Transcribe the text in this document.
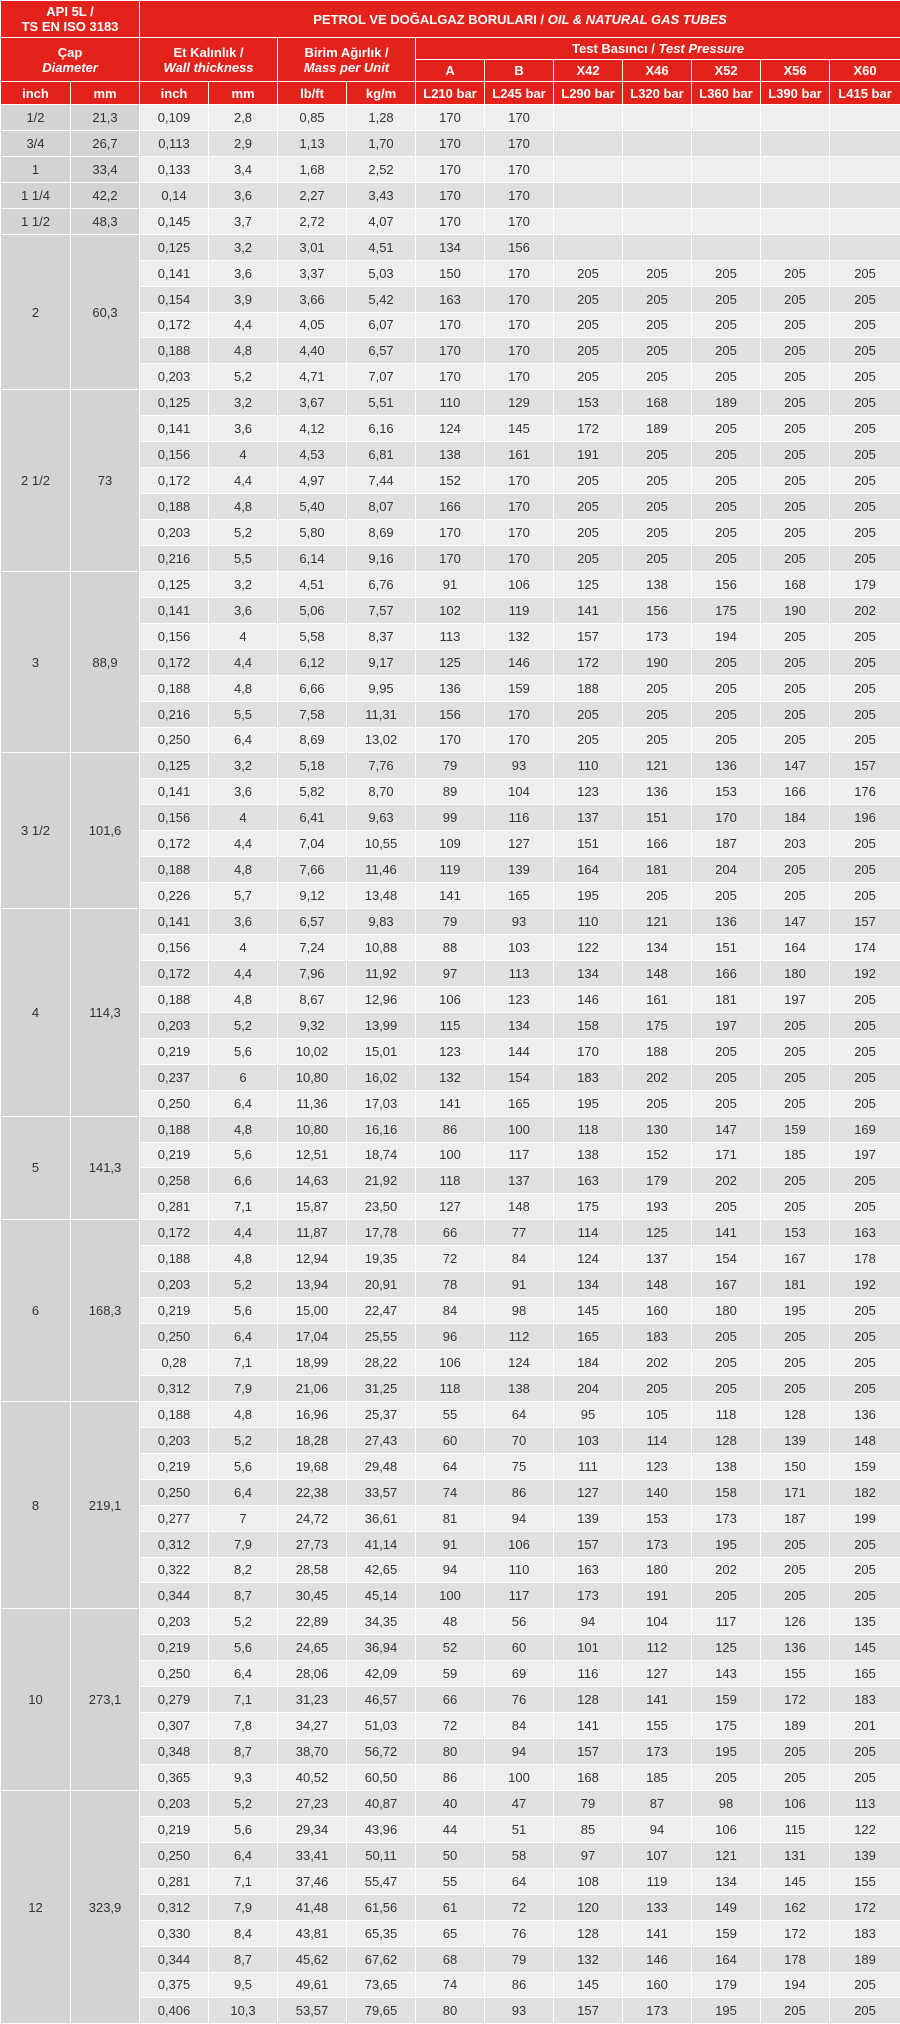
API 5L /
TS EN ISO 3183		PETROL VE DOĞALGAZ BORULARI / OIL & NATURAL GAS TUBES										

Çap
Diameter		Et Kalınlık /
Wall thickness		Birim Ağırlık /
Mass per Unit		Test Basıncı / Test Pressure						
						A	B	X42	X46	X52	X56	X60
inch	mm	inch	mm	lb/ft	kg/m	L210 bar	L245 bar	L290 bar	L320 bar	L360 bar	L390 bar	L415 bar
1/2	21,3	0,109	2,8	0,85	1,28	170	170					
3/4	26,7	0,113	2,9	1,13	1,70	170	170					
1	33,4	0,133	3,4	1,68	2,52	170	170					
1 1/4	42,2	0,14	3,6	2,27	3,43	170	170					
1 1/2	48,3	0,145	3,7	2,72	4,07	170	170					
2	60,3	0,125	3,2	3,01	4,51	134	156					
		0,141	3,6	3,37	5,03	150	170	205	205	205	205	205
		0,154	3,9	3,66	5,42	163	170	205	205	205	205	205
		0,172	4,4	4,05	6,07	170	170	205	205	205	205	205
		0,188	4,8	4,40	6,57	170	170	205	205	205	205	205
		0,203	5,2	4,71	7,07	170	170	205	205	205	205	205
2 1/2	73	0,125	3,2	3,67	5,51	110	129	153	168	189	205	205
		0,141	3,6	4,12	6,16	124	145	172	189	205	205	205
		0,156	4	4,53	6,81	138	161	191	205	205	205	205
		0,172	4,4	4,97	7,44	152	170	205	205	205	205	205
		0,188	4,8	5,40	8,07	166	170	205	205	205	205	205
		0,203	5,2	5,80	8,69	170	170	205	205	205	205	205
		0,216	5,5	6,14	9,16	170	170	205	205	205	205	205
3	88,9	0,125	3,2	4,51	6,76	91	106	125	138	156	168	179
		0,141	3,6	5,06	7,57	102	119	141	156	175	190	202
		0,156	4	5,58	8,37	113	132	157	173	194	205	205
		0,172	4,4	6,12	9,17	125	146	172	190	205	205	205
		0,188	4,8	6,66	9,95	136	159	188	205	205	205	205
		0,216	5,5	7,58	11,31	156	170	205	205	205	205	205
		0,250	6,4	8,69	13,02	170	170	205	205	205	205	205
3 1/2	101,6	0,125	3,2	5,18	7,76	79	93	110	121	136	147	157
		0,141	3,6	5,82	8,70	89	104	123	136	153	166	176
		0,156	4	6,41	9,63	99	116	137	151	170	184	196
		0,172	4,4	7,04	10,55	109	127	151	166	187	203	205
		0,188	4,8	7,66	11,46	119	139	164	181	204	205	205
		0,226	5,7	9,12	13,48	141	165	195	205	205	205	205
4	114,3	0,141	3,6	6,57	9,83	79	93	110	121	136	147	157
		0,156	4	7,24	10,88	88	103	122	134	151	164	174
		0,172	4,4	7,96	11,92	97	113	134	148	166	180	192
		0,188	4,8	8,67	12,96	106	123	146	161	181	197	205
		0,203	5,2	9,32	13,99	115	134	158	175	197	205	205
		0,219	5,6	10,02	15,01	123	144	170	188	205	205	205
		0,237	6	10,80	16,02	132	154	183	202	205	205	205
		0,250	6,4	11,36	17,03	141	165	195	205	205	205	205
5	141,3	0,188	4,8	10,80	16,16	86	100	118	130	147	159	169
		0,219	5,6	12,51	18,74	100	117	138	152	171	185	197
		0,258	6,6	14,63	21,92	118	137	163	179	202	205	205
		0,281	7,1	15,87	23,50	127	148	175	193	205	205	205
6	168,3	0,172	4,4	11,87	17,78	66	77	114	125	141	153	163
		0,188	4,8	12,94	19,35	72	84	124	137	154	167	178
		0,203	5,2	13,94	20,91	78	91	134	148	167	181	192
		0,219	5,6	15,00	22,47	84	98	145	160	180	195	205
		0,250	6,4	17,04	25,55	96	112	165	183	205	205	205
		0,28	7,1	18,99	28,22	106	124	184	202	205	205	205
		0,312	7,9	21,06	31,25	118	138	204	205	205	205	205
8	219,1	0,188	4,8	16,96	25,37	55	64	95	105	118	128	136
		0,203	5,2	18,28	27,43	60	70	103	114	128	139	148
		0,219	5,6	19,68	29,48	64	75	111	123	138	150	159
		0,250	6,4	22,38	33,57	74	86	127	140	158	171	182
		0,277	7	24,72	36,61	81	94	139	153	173	187	199
		0,312	7,9	27,73	41,14	91	106	157	173	195	205	205
		0,322	8,2	28,58	42,65	94	110	163	180	202	205	205
		0,344	8,7	30,45	45,14	100	117	173	191	205	205	205
10	273,1	0,203	5,2	22,89	34,35	48	56	94	104	117	126	135
		0,219	5,6	24,65	36,94	52	60	101	112	125	136	145
		0,250	6,4	28,06	42,09	59	69	116	127	143	155	165
		0,279	7,1	31,23	46,57	66	76	128	141	159	172	183
		0,307	7,8	34,27	51,03	72	84	141	155	175	189	201
		0,348	8,7	38,70	56,72	80	94	157	173	195	205	205
		0,365	9,3	40,52	60,50	86	100	168	185	205	205	205
12	323,9	0,203	5,2	27,23	40,87	40	47	79	87	98	106	113
		0,219	5,6	29,34	43,96	44	51	85	94	106	115	122
		0,250	6,4	33,41	50,11	50	58	97	107	121	131	139
		0,281	7,1	37,46	55,47	55	64	108	119	134	145	155
		0,312	7,9	41,48	61,56	61	72	120	133	149	162	172
		0,330	8,4	43,81	65,35	65	76	128	141	159	172	183
		0,344	8,7	45,62	67,62	68	79	132	146	164	178	189
		0,375	9,5	49,61	73,65	74	86	145	160	179	194	205
		0,406	10,3	53,57	79,65	80	93	157	173	195	205	205
